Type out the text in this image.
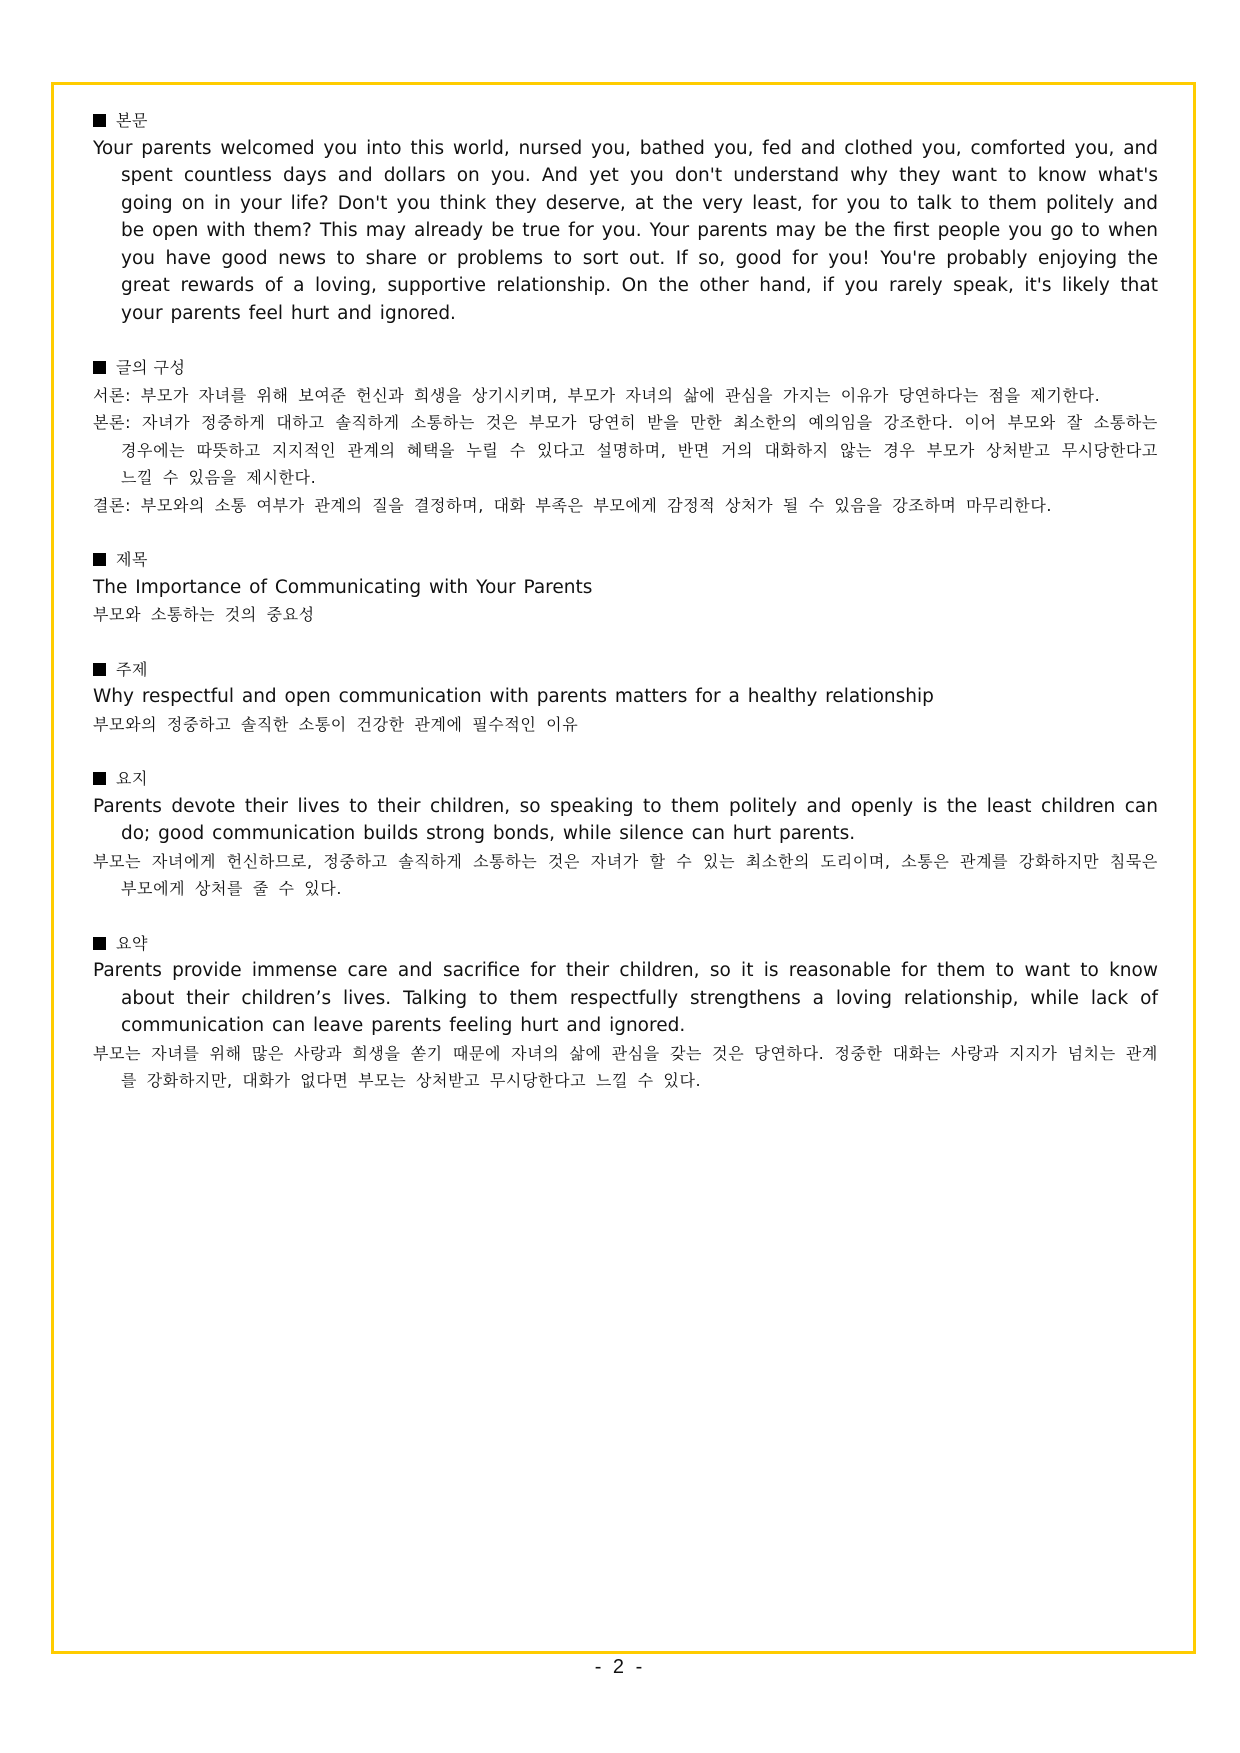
본문

Your parents welcomed you into this world, nursed you, bathed you, fed and clothed you, comforted you, and spent countless days and dollars on you. And yet you don't understand why they want to know what's going on in your life? Don't you think they deserve, at the very least, for you to talk to them politely and be open with them? This may already be true for you. Your parents may be the first people you go to when you have good news to share or problems to sort out. If so, good for you! You're probably enjoying the great rewards of a loving, supportive relationship. On the other hand, if you rarely speak, it's likely that your parents feel hurt and ignored.

글의 구성

서론: 부모가 자녀를 위해 보여준 헌신과 희생을 상기시키며, 부모가 자녀의 삶에 관심을 가지는 이유가 당연하다는 점을 제기한다.

본론: 자녀가 정중하게 대하고 솔직하게 소통하는 것은 부모가 당연히 받을 만한 최소한의 예의임을 강조한다. 이어 부모와 잘 소통하는 경우에는 따뜻하고 지지적인 관계의 혜택을 누릴 수 있다고 설명하며, 반면 거의 대화하지 않는 경우 부모가 상처받고 무시당한다고 느낄 수 있음을 제시한다.

결론: 부모와의 소통 여부가 관계의 질을 결정하며, 대화 부족은 부모에게 감정적 상처가 될 수 있음을 강조하며 마무리한다.

제목

The Importance of Communicating with Your Parents

부모와 소통하는 것의 중요성

주제

Why respectful and open communication with parents matters for a healthy relationship

부모와의 정중하고 솔직한 소통이 건강한 관계에 필수적인 이유

요지

Parents devote their lives to their children, so speaking to them politely and openly is the least children can do; good communication builds strong bonds, while silence can hurt parents.

부모는 자녀에게 헌신하므로, 정중하고 솔직하게 소통하는 것은 자녀가 할 수 있는 최소한의 도리이며, 소통은 관계를 강화하지만 침묵은 부모에게 상처를 줄 수 있다.

요약

Parents provide immense care and sacrifice for their children, so it is reasonable for them to want to know about their children’s lives. Talking to them respectfully strengthens a loving relationship, while lack of communication can leave parents feeling hurt and ignored.

부모는 자녀를 위해 많은 사랑과 희생을 쏟기 때문에 자녀의 삶에 관심을 갖는 것은 당연하다. 정중한 대화는 사랑과 지지가 넘치는 관계를 강화하지만, 대화가 없다면 부모는 상처받고 무시당한다고 느낄 수 있다.

- 2 -
